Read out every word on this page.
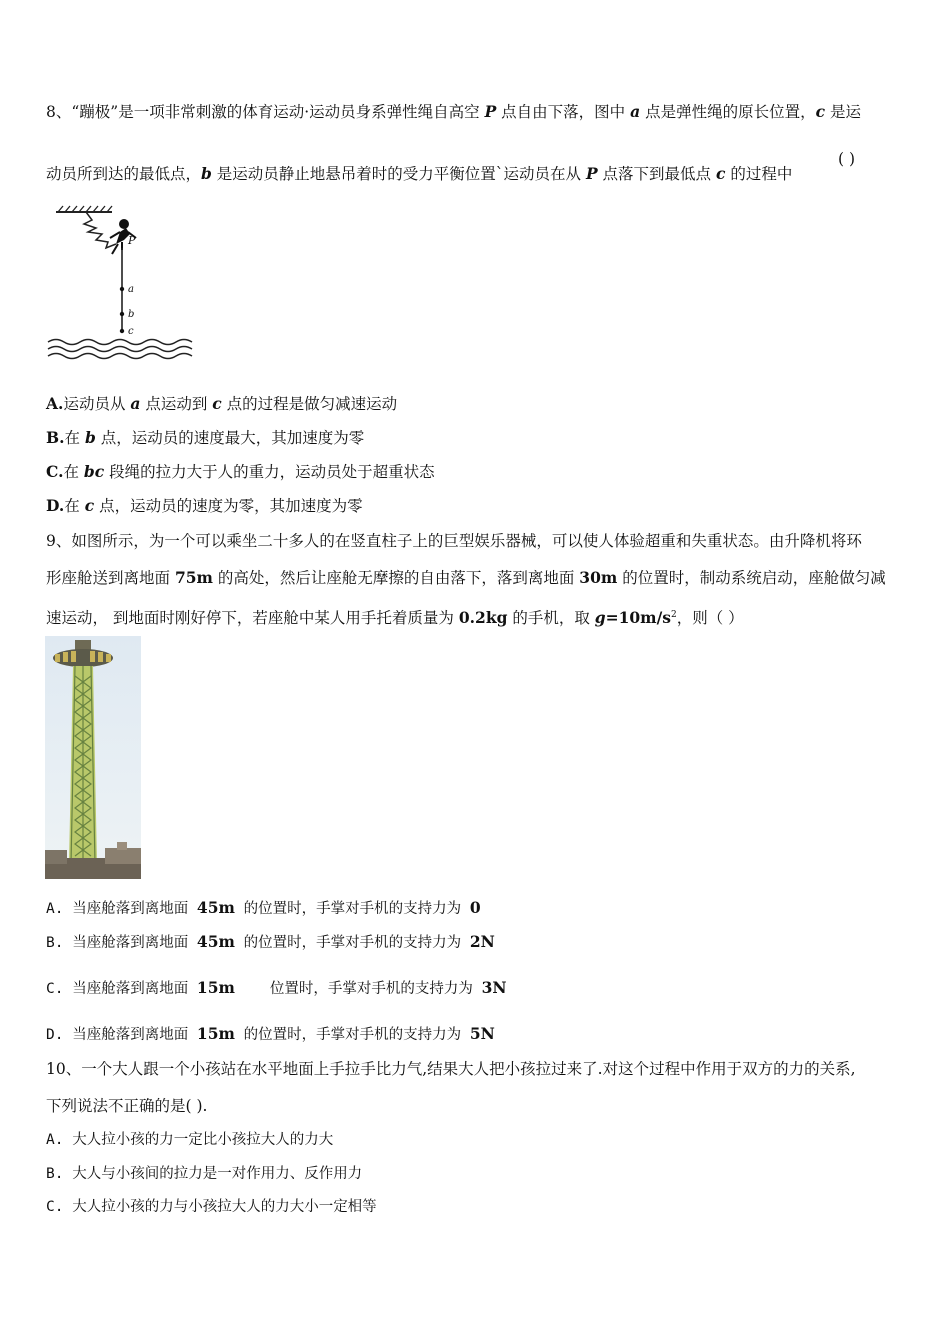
8、“蹦极”是一项非常刺激的体育运动·运动员身系弹性绳自高空 P 点自由下落，图中 a 点是弹性绳的原长位置，c 是运
动员所到达的最低点，b 是运动员静止地悬吊着时的受力平衡位置`运动员在从 P 点落下到最低点 c 的过程中
( )
P
a
b
c
A.运动员从 a 点运动到 c 点的过程是做匀减速运动
B.在 b 点，运动员的速度最大，其加速度为零
C.在 bc 段绳的拉力大于人的重力，运动员处于超重状态
D.在 c 点，运动员的速度为零，其加速度为零
9、如图所示，为一个可以乘坐二十多人的在竖直柱子上的巨型娱乐器械，可以使人体验超重和失重状态。由升降机将环
形座舱送到离地面 75m 的高处，然后让座舱无摩擦的自由落下，落到离地面 30m 的位置时，制动系统启动，座舱做匀减
速运动， 到地面时刚好停下，若座舱中某人用手托着质量为 0.2kg 的手机，取 $g=10m/s^2$，则（ ）
A. 当座舱落到离地面 45m 的位置时，手掌对手机的支持力为 0
B. 当座舱落到离地面 45m 的位置时，手掌对手机的支持力为 2N
C. 当座舱落到离地面 15m    位置时，手掌对手机的支持力为 3N
D. 当座舱落到离地面 15m 的位置时，手掌对手机的支持力为 5N
10、一个大人跟一个小孩站在水平地面上手拉手比力气,结果大人把小孩拉过来了.对这个过程中作用于双方的力的关系,
下列说法不正确的是( ).
A. 大人拉小孩的力一定比小孩拉大人的力大
B. 大人与小孩间的拉力是一对作用力、反作用力
C. 大人拉小孩的力与小孩拉大人的力大小一定相等
